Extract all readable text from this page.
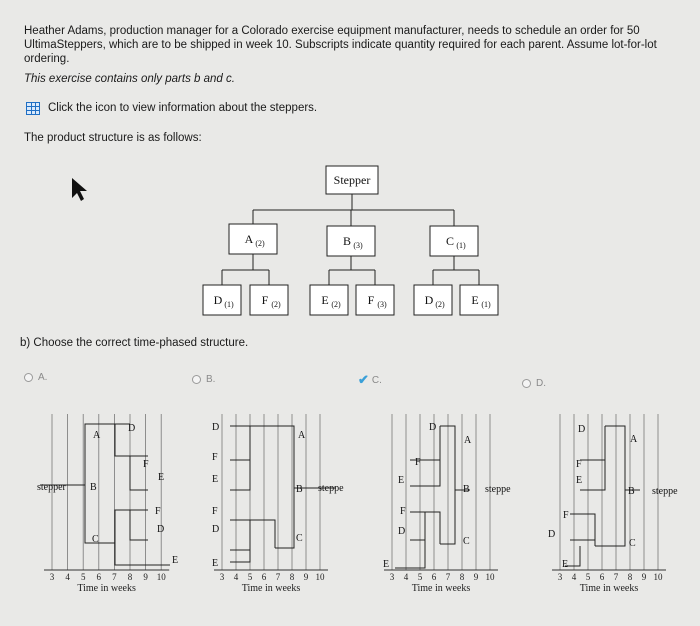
Heather Adams, production manager for a Colorado exercise equipment manufacturer, needs to schedule an order for 50 UltimaSteppers, which are to be shipped in week 10. Subscripts indicate quantity required for each parent. Assume lot-for-lot ordering.

This exercise contains only parts b and c.

Click the icon to view information about the steppers.

The product structure is as follows:

Stepper
A (2)	B (3)	C (1)
D (1) F (2)	E (2) F (3)	D (2) E (1)

b) Choose the correct time-phased structure.

A.	B.	✔ C.	D.
3 4 5 6 7 8 9 10
Time in weeks
A
D
F
E
F
D
E
C
stepper B
3 4 5 6 7 8 9 10
Time in weeks
D
F
E
F
D
E
A
C
B steppe
3 4 5 6 7 8 9 10
Time in weeks
D
A
F
E
F
D
E
C
B steppe
3 4 5 6 7 8 9 10
Time in weeks
D
A
F
E
F
D
E
C
B steppe
